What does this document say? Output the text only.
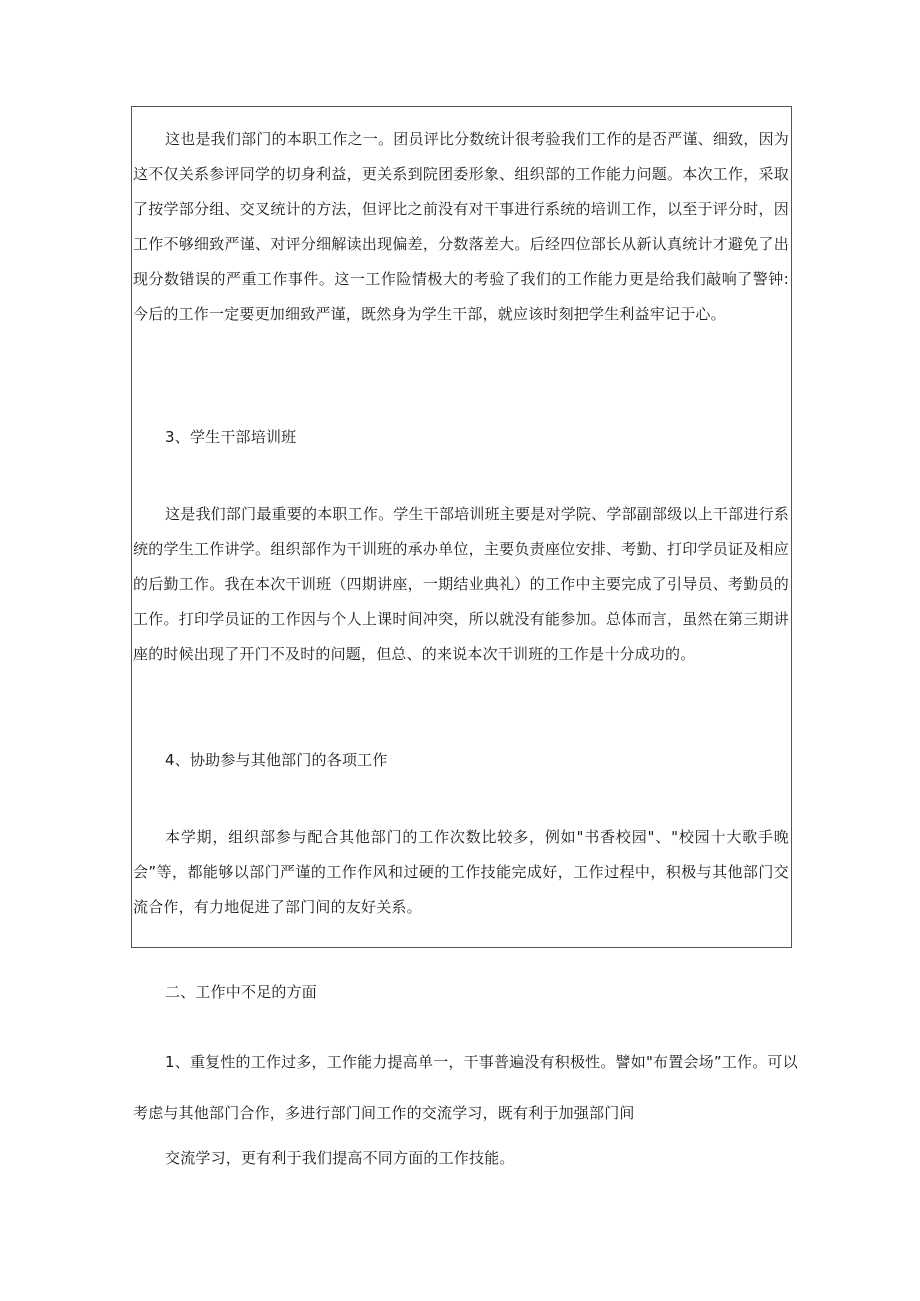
这也是我们部门的本职工作之一。团员评比分数统计很考验我们工作的是否严谨、细致，因为这不仅关系参评同学的切身利益，更关系到院团委形象、组织部的工作能力问题。本次工作，采取了按学部分组、交叉统计的方法，但评比之前没有对干事进行系统的培训工作，以至于评分时，因工作不够细致严谨、对评分细解读出现偏差，分数落差大。后经四位部长从新认真统计才避免了出现分数错误的严重工作事件。这一工作险情极大的考验了我们的工作能力更是给我们敲响了警钟: 今后的工作一定要更加细致严谨，既然身为学生干部，就应该时刻把学生利益牢记于心。

3、学生干部培训班

这是我们部门最重要的本职工作。学生干部培训班主要是对学院、学部副部级以上干部进行系统的学生工作讲学。组织部作为干训班的承办单位，主要负责座位安排、考勤、打印学员证及相应的后勤工作。我在本次干训班（四期讲座，一期结业典礼）的工作中主要完成了引导员、考勤员的工作。打印学员证的工作因与个人上课时间冲突，所以就没有能参加。总体而言，虽然在第三期讲座的时候出现了开门不及时的问题，但总、的来说本次干训班的工作是十分成功的。

4、协助参与其他部门的各项工作

本学期，组织部参与配合其他部门的工作次数比较多，例如"书香校园"、"校园十大歌手晚会”等，都能够以部门严谨的工作作风和过硬的工作技能完成好，工作过程中，积极与其他部门交流合作，有力地促进了部门间的友好关系。

二、工作中不足的方面

1、重复性的工作过多，工作能力提高单一，干事普遍没有积极性。譬如"布置会场”工作。可以

考虑与其他部门合作，多进行部门间工作的交流学习，既有利于加强部门间

交流学习，更有利于我们提高不同方面的工作技能。
